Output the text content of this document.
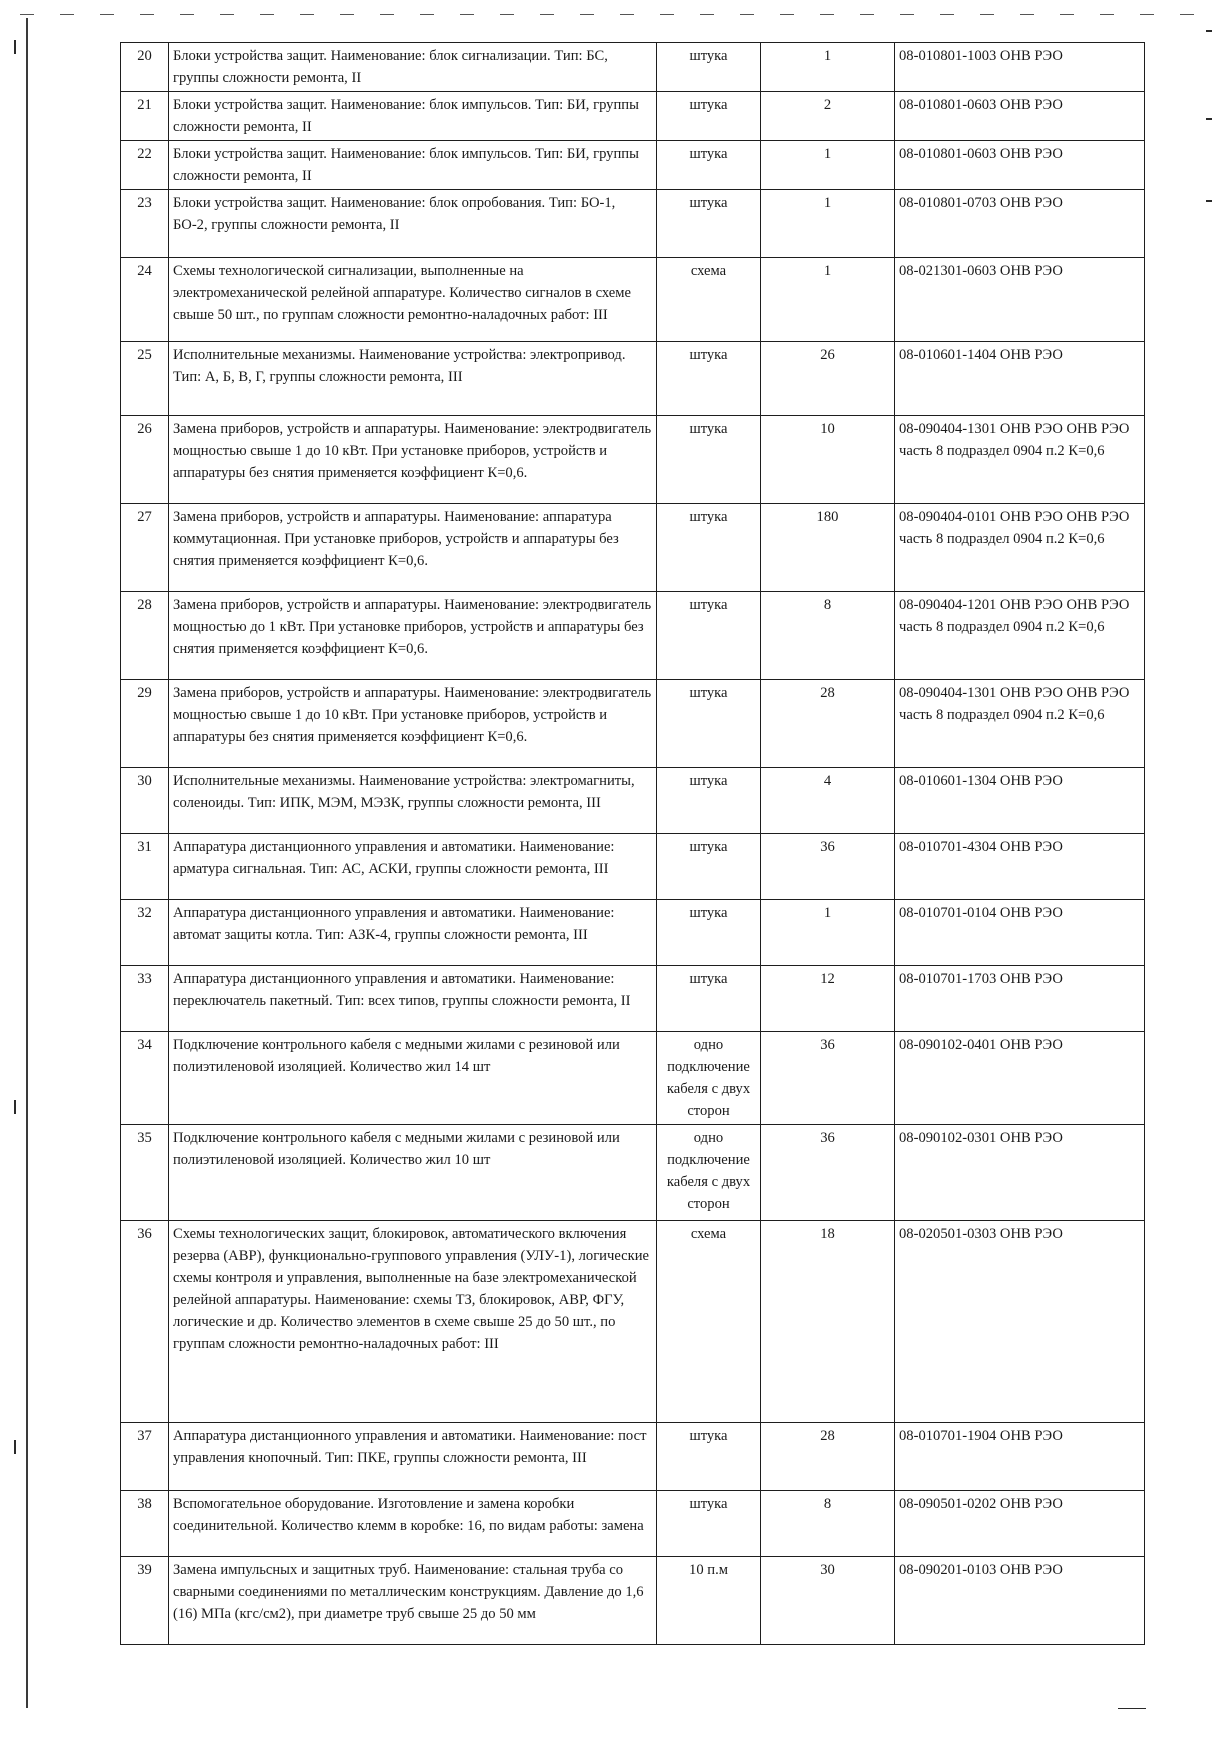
20	Блоки устройства защит. Наименование: блок сигнализации. Тип: БС, группы сложности ремонта, II	штука	1	08-010801-1003 ОНВ РЭО
21	Блоки устройства защит. Наименование: блок импульсов. Тип: БИ, группы сложности ремонта, II	штука	2	08-010801-0603 ОНВ РЭО
22	Блоки устройства защит. Наименование: блок импульсов. Тип: БИ, группы сложности ремонта, II	штука	1	08-010801-0603 ОНВ РЭО
23	Блоки устройства защит. Наименование: блок опробования. Тип: БО-1, БО-2, группы сложности ремонта, II	штука	1	08-010801-0703 ОНВ РЭО
24	Схемы технологической сигнализации, выполненные на электромеханической релейной аппаратуре. Количество сигналов в схеме свыше 50 шт., по группам сложности ремонтно-наладочных работ: III	схема	1	08-021301-0603 ОНВ РЭО
25	Исполнительные механизмы. Наименование устройства: электропривод. Тип: А, Б, В, Г, группы сложности ремонта, III	штука	26	08-010601-1404 ОНВ РЭО
26	Замена приборов, устройств и аппаратуры. Наименование: электродвигатель мощностью свыше 1 до 10 кВт. При установке приборов, устройств и аппаратуры без снятия применяется коэффициент К=0,6.	штука	10	08-090404-1301 ОНВ РЭО ОНВ РЭО часть 8 подраздел 0904 п.2 К=0,6
27	Замена приборов, устройств и аппаратуры. Наименование: аппаратура коммутационная. При установке приборов, устройств и аппаратуры без снятия применяется коэффициент К=0,6.	штука	180	08-090404-0101 ОНВ РЭО ОНВ РЭО часть 8 подраздел 0904 п.2 К=0,6
28	Замена приборов, устройств и аппаратуры. Наименование: электродвигатель мощностью до 1 кВт. При установке приборов, устройств и аппаратуры без снятия применяется коэффициент К=0,6.	штука	8	08-090404-1201 ОНВ РЭО ОНВ РЭО часть 8 подраздел 0904 п.2 К=0,6
29	Замена приборов, устройств и аппаратуры. Наименование: электродвигатель мощностью свыше 1 до 10 кВт. При установке приборов, устройств и аппаратуры без снятия применяется коэффициент К=0,6.	штука	28	08-090404-1301 ОНВ РЭО ОНВ РЭО часть 8 подраздел 0904 п.2 К=0,6
30	Исполнительные механизмы. Наименование устройства: электромагниты, соленоиды. Тип: ИПК, МЭМ, МЭЗК, группы сложности ремонта, III	штука	4	08-010601-1304 ОНВ РЭО
31	Аппаратура дистанционного управления и автоматики. Наименование: арматура сигнальная. Тип: АС, АСКИ, группы сложности ремонта, III	штука	36	08-010701-4304 ОНВ РЭО
32	Аппаратура дистанционного управления и автоматики. Наименование: автомат защиты котла. Тип: АЗК-4, группы сложности ремонта, III	штука	1	08-010701-0104 ОНВ РЭО
33	Аппаратура дистанционного управления и автоматики. Наименование: переключатель пакетный. Тип: всех типов, группы сложности ремонта, II	штука	12	08-010701-1703 ОНВ РЭО
34	Подключение контрольного кабеля с медными жилами с резиновой или полиэтиленовой изоляцией. Количество жил 14 шт	одно подключение кабеля с двух сторон	36	08-090102-0401 ОНВ РЭО
35	Подключение контрольного кабеля с медными жилами с резиновой или полиэтиленовой изоляцией. Количество жил 10 шт	одно подключение кабеля с двух сторон	36	08-090102-0301 ОНВ РЭО
36	Схемы технологических защит, блокировок, автоматического включения резерва (АВР), функционально-группового управления (УЛУ-1), логические схемы контроля и управления, выполненные на базе электромеханической релейной аппаратуры. Наименование: схемы ТЗ, блокировок, АВР, ФГУ, логические и др. Количество элементов в схеме свыше 25 до 50 шт., по группам сложности ремонтно-наладочных работ: III	схема	18	08-020501-0303 ОНВ РЭО
37	Аппаратура дистанционного управления и автоматики. Наименование: пост управления кнопочный. Тип: ПКЕ, группы сложности ремонта, III	штука	28	08-010701-1904 ОНВ РЭО
38	Вспомогательное оборудование. Изготовление и замена коробки соединительной. Количество клемм в коробке: 16, по видам работы: замена	штука	8	08-090501-0202 ОНВ РЭО
39	Замена импульсных и защитных труб. Наименование: стальная труба со сварными соединениями по металлическим конструкциям. Давление до 1,6 (16) МПа (кгс/см2), при диаметре труб свыше 25 до 50 мм	10 п.м	30	08-090201-0103 ОНВ РЭО
